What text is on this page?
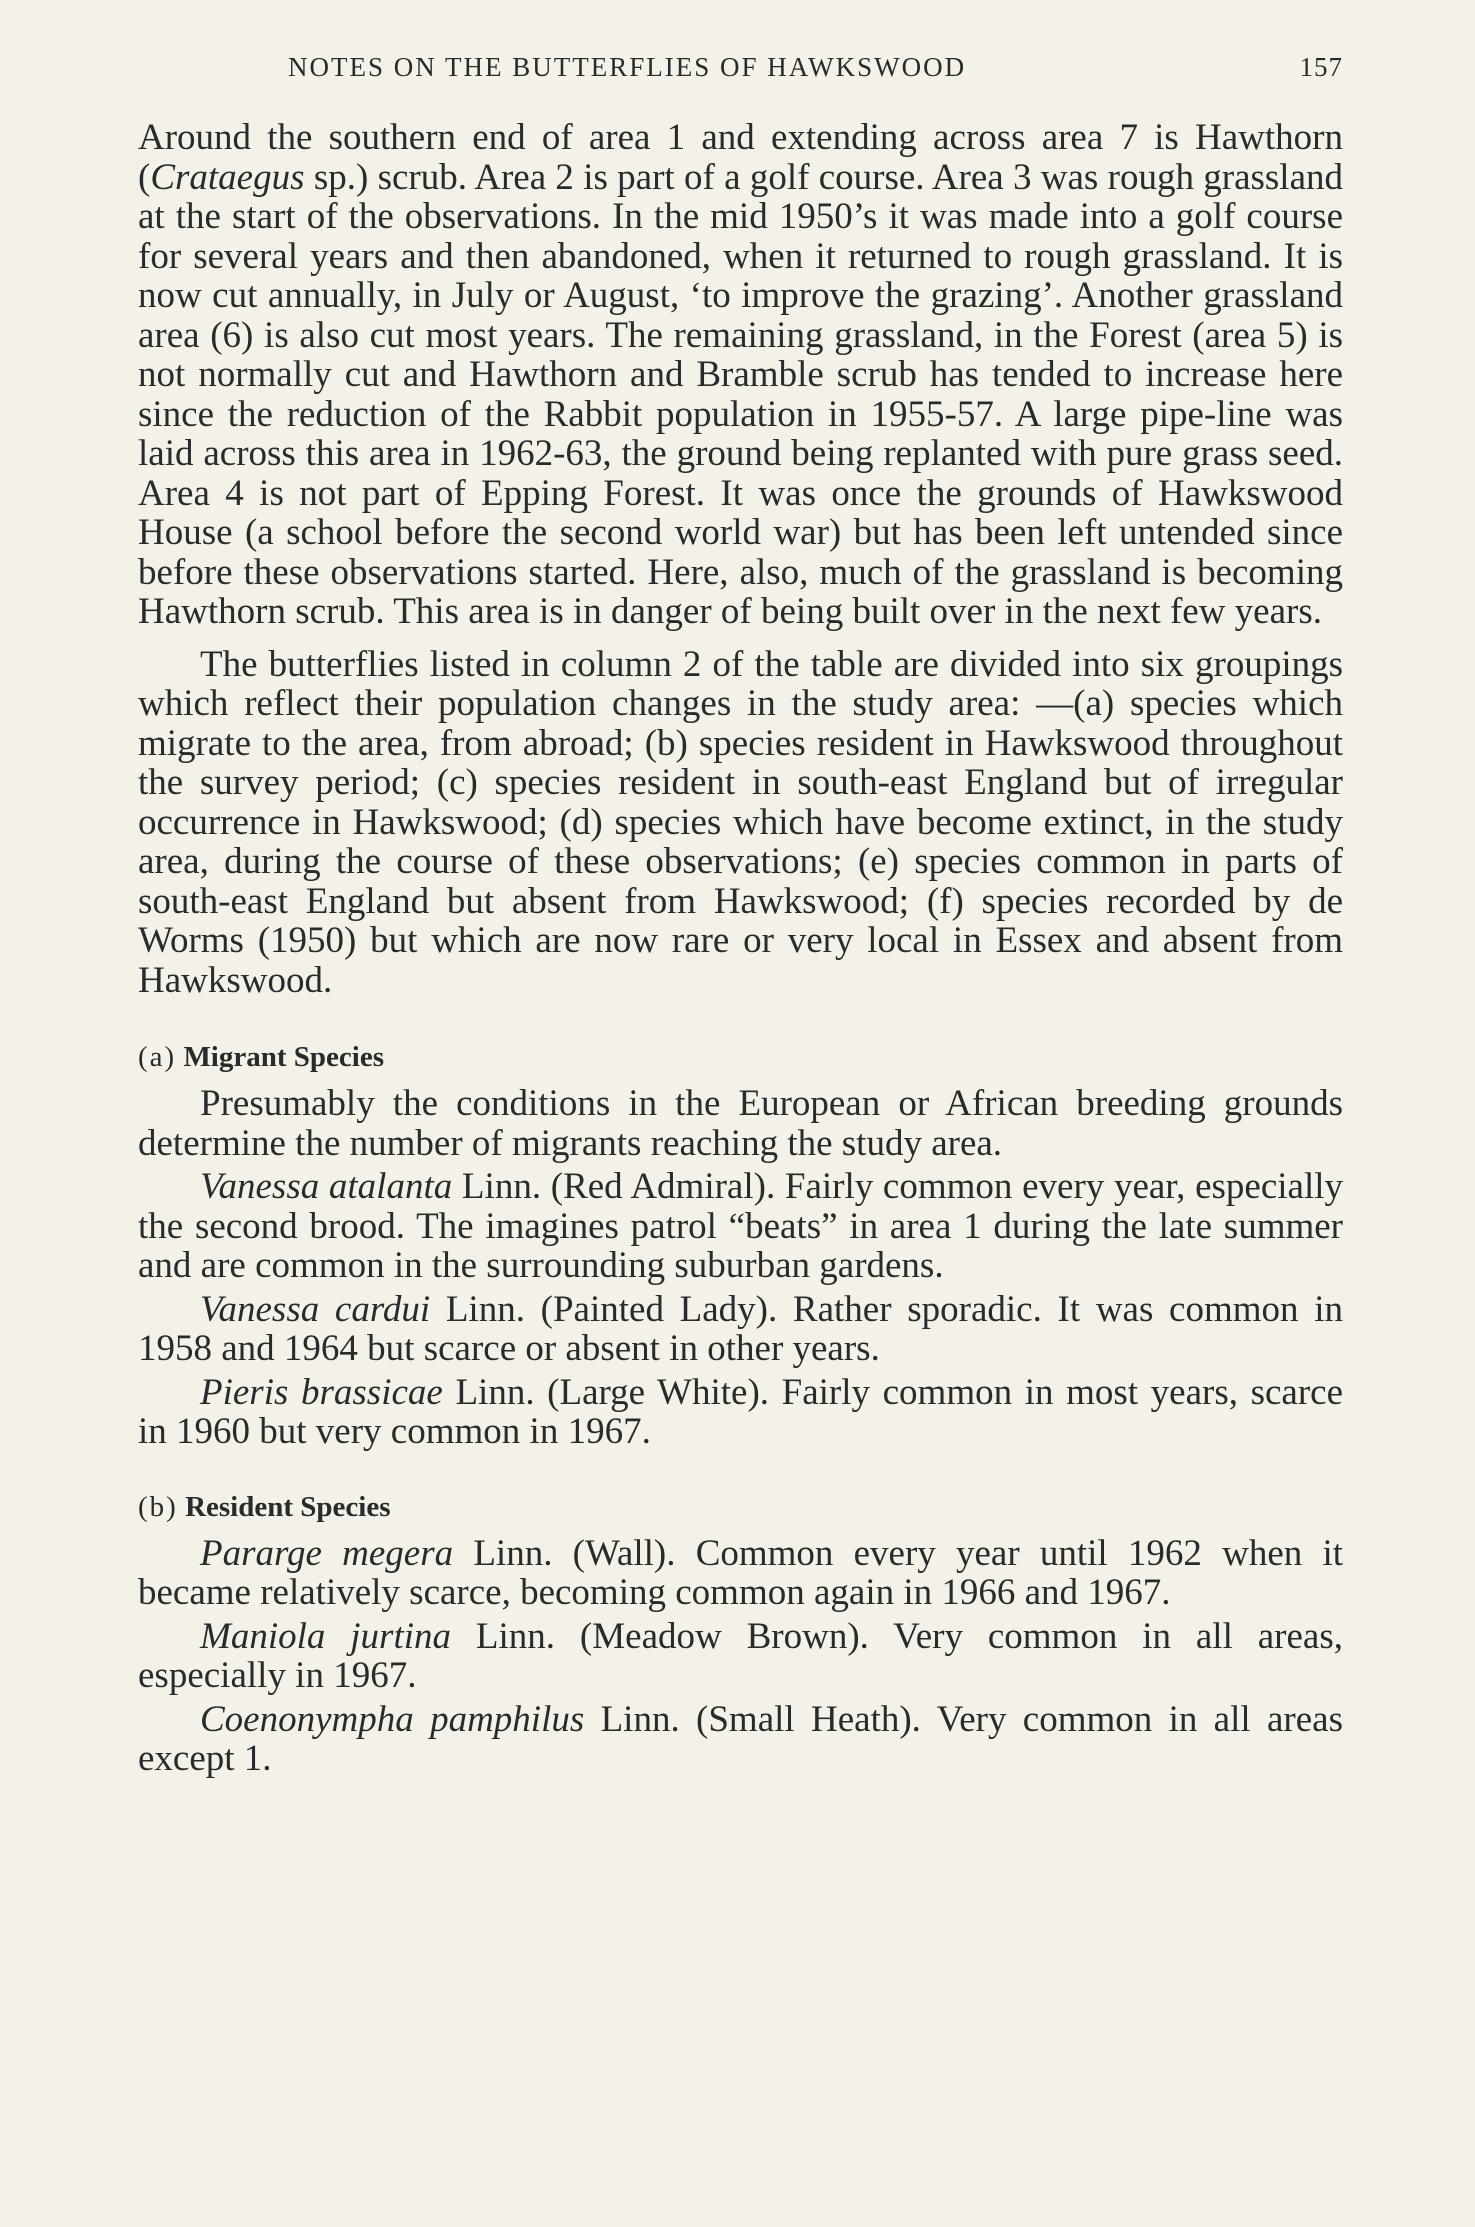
NOTES ON THE BUTTERFLIES OF HAWKSWOOD	157

Around the southern end of area 1 and extending across area 7 is Hawthorn (Crataegus sp.) scrub. Area 2 is part of a golf course. Area 3 was rough grassland at the start of the observations. In the mid 1950’s it was made into a golf course for several years and then abandoned, when it returned to rough grassland. It is now cut annually, in July or August, ‘to improve the grazing’. Another grassland area (6) is also cut most years. The remaining grassland, in the Forest (area 5) is not normally cut and Hawthorn and Bramble scrub has tended to increase here since the reduction of the Rabbit population in 1955-57. A large pipe-line was laid across this area in 1962-63, the ground being replanted with pure grass seed. Area 4 is not part of Epping Forest. It was once the grounds of Hawkswood House (a school before the second world war) but has been left untended since before these observations started. Here, also, much of the grassland is becoming Hawthorn scrub. This area is in danger of being built over in the next few years.

The butterflies listed in column 2 of the table are divided into six groupings which reflect their population changes in the study area: —(a) species which migrate to the area, from abroad; (b) species resident in Hawkswood throughout the survey period; (c) species resident in south-east England but of irregular occurrence in Hawkswood; (d) species which have become extinct, in the study area, during the course of these observations; (e) species common in parts of south-east England but absent from Hawkswood; (f) species recorded by de Worms (1950) but which are now rare or very local in Essex and absent from Hawkswood.

(a) Migrant Species

Presumably the conditions in the European or African breeding grounds determine the number of migrants reaching the study area.

Vanessa atalanta Linn. (Red Admiral). Fairly common every year, especially the second brood. The imagines patrol “beats” in area 1 during the late summer and are common in the surrounding suburban gardens.

Vanessa cardui Linn. (Painted Lady). Rather sporadic. It was common in 1958 and 1964 but scarce or absent in other years.

Pieris brassicae Linn. (Large White). Fairly common in most years, scarce in 1960 but very common in 1967.

(b) Resident Species

Pararge megera Linn. (Wall). Common every year until 1962 when it became relatively scarce, becoming common again in 1966 and 1967.

Maniola jurtina Linn. (Meadow Brown). Very common in all areas, especially in 1967.

Coenonympha pamphilus Linn. (Small Heath). Very common in all areas except 1.
